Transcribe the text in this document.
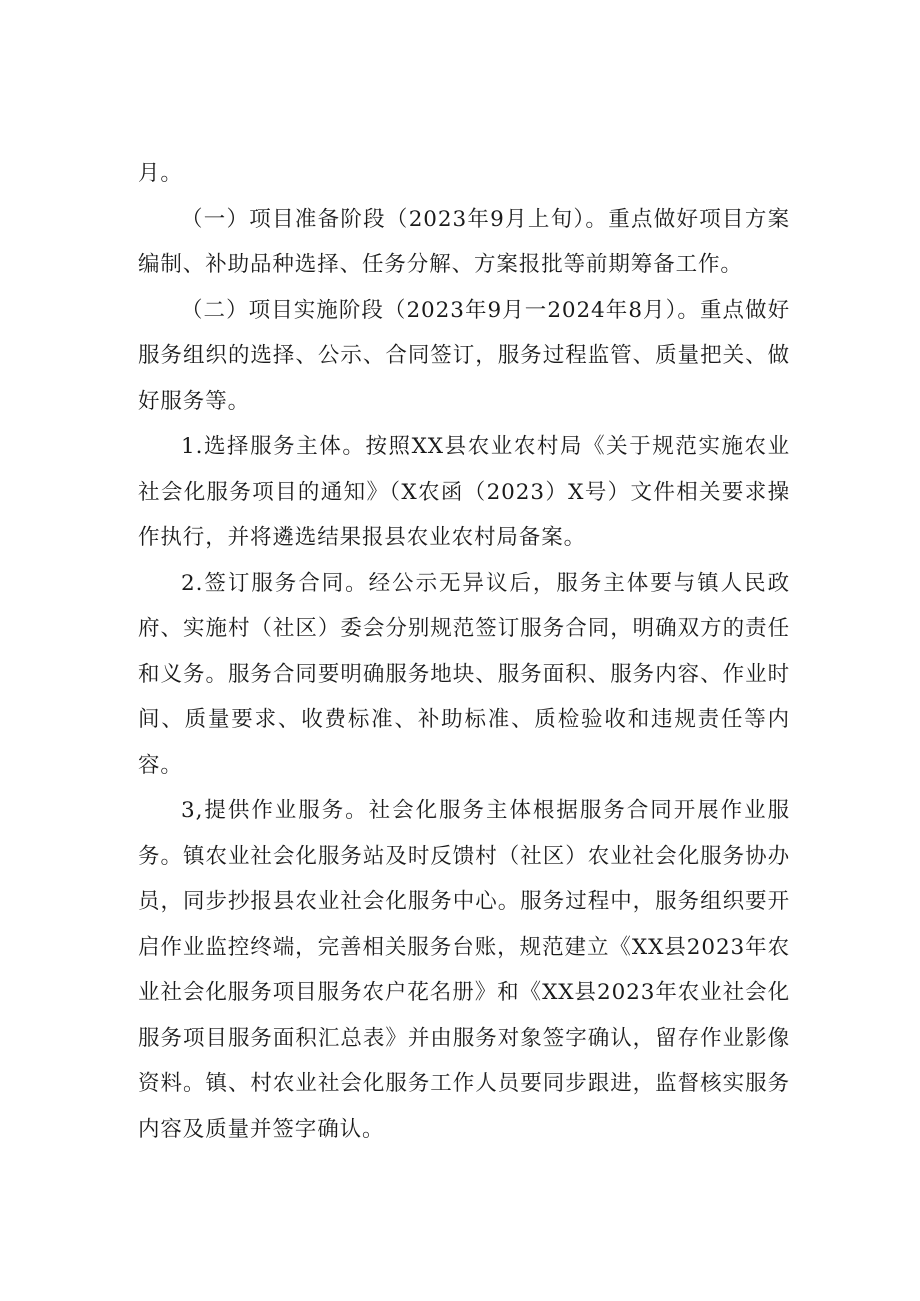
月。

（一）项目准备阶段（2023年9月上旬）。重点做好项目方案编制、补助品种选择、任务分解、方案报批等前期筹备工作。

（二）项目实施阶段（2023年9月一2024年8月）。重点做好服务组织的选择、公示、合同签订，服务过程监管、质量把关、做好服务等。

1.选择服务主体。按照XX县农业农村局《关于规范实施农业社会化服务项目的通知》（X农函（2023）X号）文件相关要求操作执行，并将遴选结果报县农业农村局备案。

2.签订服务合同。经公示无异议后，服务主体要与镇人民政府、实施村（社区）委会分别规范签订服务合同，明确双方的责任和义务。服务合同要明确服务地块、服务面积、服务内容、作业时间、质量要求、收费标准、补助标准、质检验收和违规责任等内容。

3,提供作业服务。社会化服务主体根据服务合同开展作业服务。镇农业社会化服务站及时反馈村（社区）农业社会化服务协办员，同步抄报县农业社会化服务中心。服务过程中，服务组织要开启作业监控终端，完善相关服务台账，规范建立《XX县2023年农业社会化服务项目服务农户花名册》和《XX县2023年农业社会化服务项目服务面积汇总表》并由服务对象签字确认，留存作业影像资料。镇、村农业社会化服务工作人员要同步跟进，监督核实服务内容及质量并签字确认。
